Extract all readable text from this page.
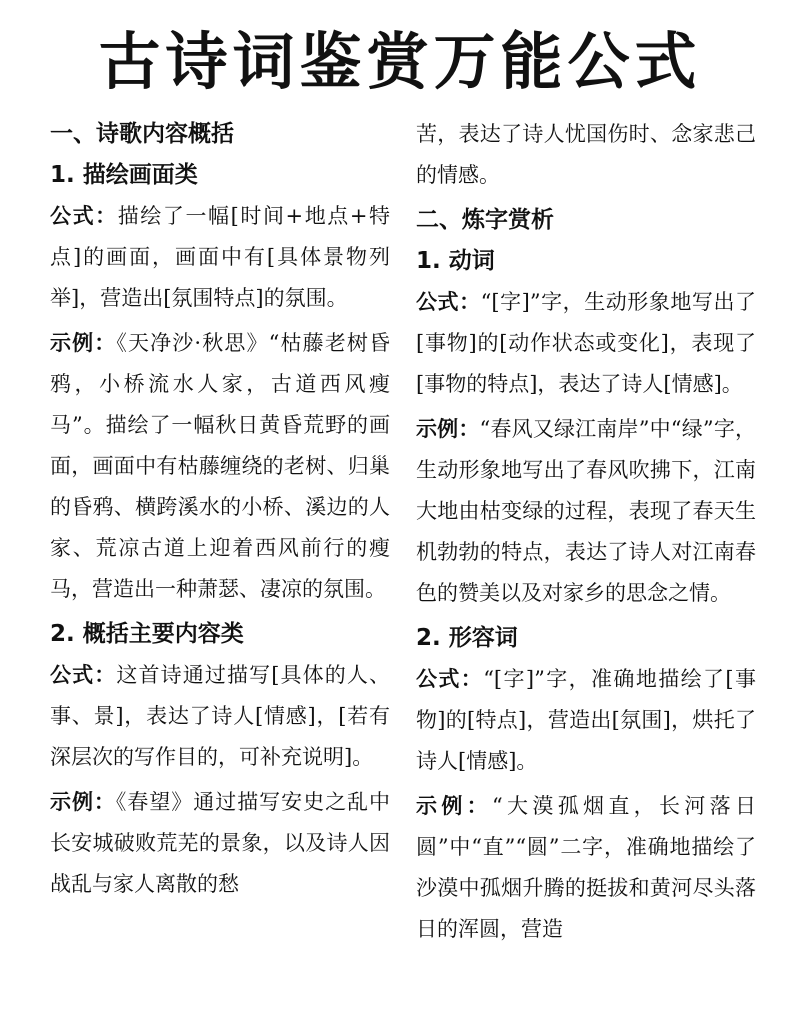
古诗词鉴赏万能公式

一、诗歌内容概括

1. 描绘画面类

公式：描绘了一幅[时间+地点+特点]的画面，画面中有[具体景物列举]，营造出[氛围特点]的氛围。

示例：《天净沙·秋思》“枯藤老树昏鸦，小桥流水人家，古道西风瘦马”。描绘了一幅秋日黄昏荒野的画面，画面中有枯藤缠绕的老树、归巢的昏鸦、横跨溪水的小桥、溪边的人家、荒凉古道上迎着西风前行的瘦马，营造出一种萧瑟、凄凉的氛围。

2. 概括主要内容类

公式：这首诗通过描写[具体的人、事、景]，表达了诗人[情感]，[若有深层次的写作目的，可补充说明]。

示例：《春望》通过描写安史之乱中长安城破败荒芜的景象，以及诗人因战乱与家人离散的愁

苦，表达了诗人忧国伤时、念家悲己的情感。

二、炼字赏析

1. 动词

公式：“[字]”字，生动形象地写出了[事物]的[动作状态或变化]，表现了[事物的特点]，表达了诗人[情感]。

示例：“春风又绿江南岸”中“绿”字，生动形象地写出了春风吹拂下，江南大地由枯变绿的过程，表现了春天生机勃勃的特点，表达了诗人对江南春色的赞美以及对家乡的思念之情。

2. 形容词

公式：“[字]”字，准确地描绘了[事物]的[特点]，营造出[氛围]，烘托了诗人[情感]。

示例：“大漠孤烟直，长河落日圆”中“直”“圆”二字，准确地描绘了沙漠中孤烟升腾的挺拔和黄河尽头落日的浑圆，营造
